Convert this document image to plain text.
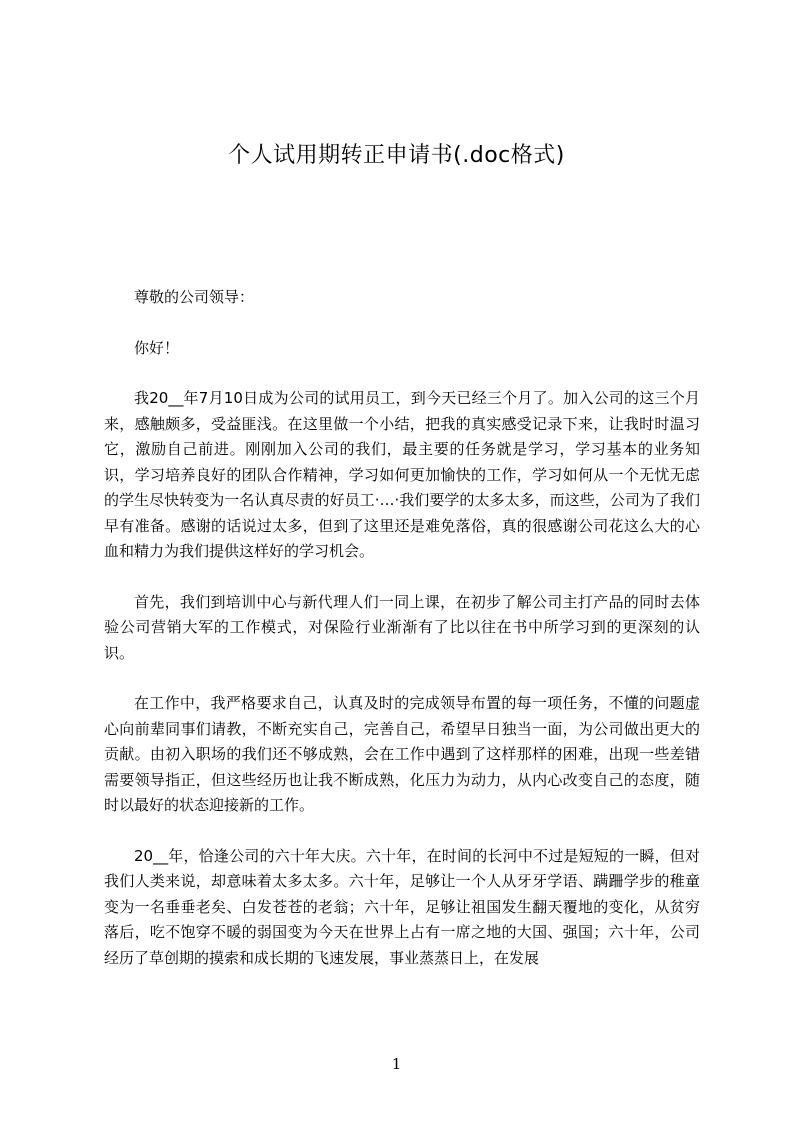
个人试用期转正申请书(.doc格式)

尊敬的公司领导：

你好！

我20__年7月10日成为公司的试用员工，到今天已经三个月了。加入公司的这三个月来，感触颇多，受益匪浅。在这里做一个小结，把我的真实感受记录下来，让我时时温习它，激励自己前进。刚刚加入公司的我们，最主要的任务就是学习，学习基本的业务知识，学习培养良好的团队合作精神，学习如何更加愉快的工作，学习如何从一个无忧无虑的学生尽快转变为一名认真尽责的好员工·…·我们要学的太多太多，而这些，公司为了我们早有准备。感谢的话说过太多，但到了这里还是难免落俗，真的很感谢公司花这么大的心血和精力为我们提供这样好的学习机会。

首先，我们到培训中心与新代理人们一同上课，在初步了解公司主打产品的同时去体验公司营销大军的工作模式，对保险行业渐渐有了比以往在书中所学习到的更深刻的认识。

在工作中，我严格要求自己，认真及时的完成领导布置的每一项任务，不懂的问题虚心向前辈同事们请教，不断充实自己，完善自己，希望早日独当一面，为公司做出更大的贡献。由初入职场的我们还不够成熟，会在工作中遇到了这样那样的困难，出现一些差错需要领导指正，但这些经历也让我不断成熟，化压力为动力，从内心改变自己的态度，随时以最好的状态迎接新的工作。

20__年，恰逢公司的六十年大庆。六十年，在时间的长河中不过是短短的一瞬，但对我们人类来说，却意味着太多太多。六十年，足够让一个人从牙牙学语、蹒跚学步的稚童变为一名垂垂老矣、白发苍苍的老翁；六十年，足够让祖国发生翻天覆地的变化，从贫穷落后，吃不饱穿不暖的弱国变为今天在世界上占有一席之地的大国、强国；六十年，公司经历了草创期的摸索和成长期的飞速发展，事业蒸蒸日上，在发展

1
